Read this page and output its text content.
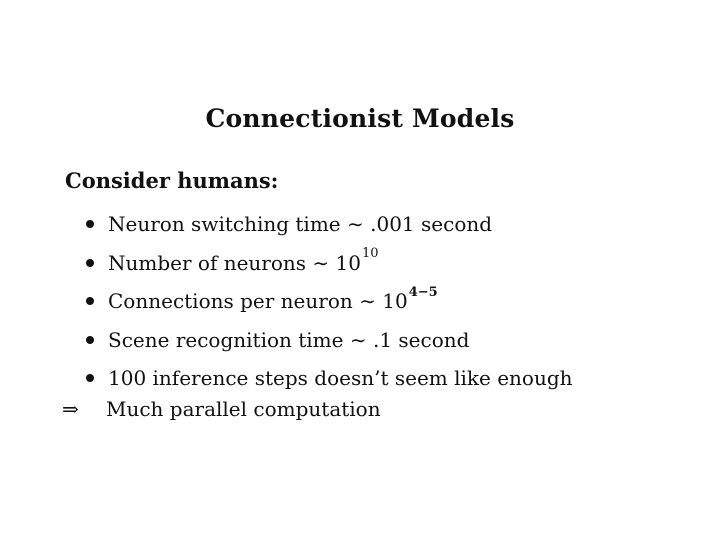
Connectionist Models
Consider humans:
Neuron switching time
∼
.001 second
Number of neurons
∼
10 10
Connections per neuron
∼
10 4−5
Scene recognition time
∼
.1 second
100 inference steps doesn’t seem like enough
⇒	Much parallel computation
